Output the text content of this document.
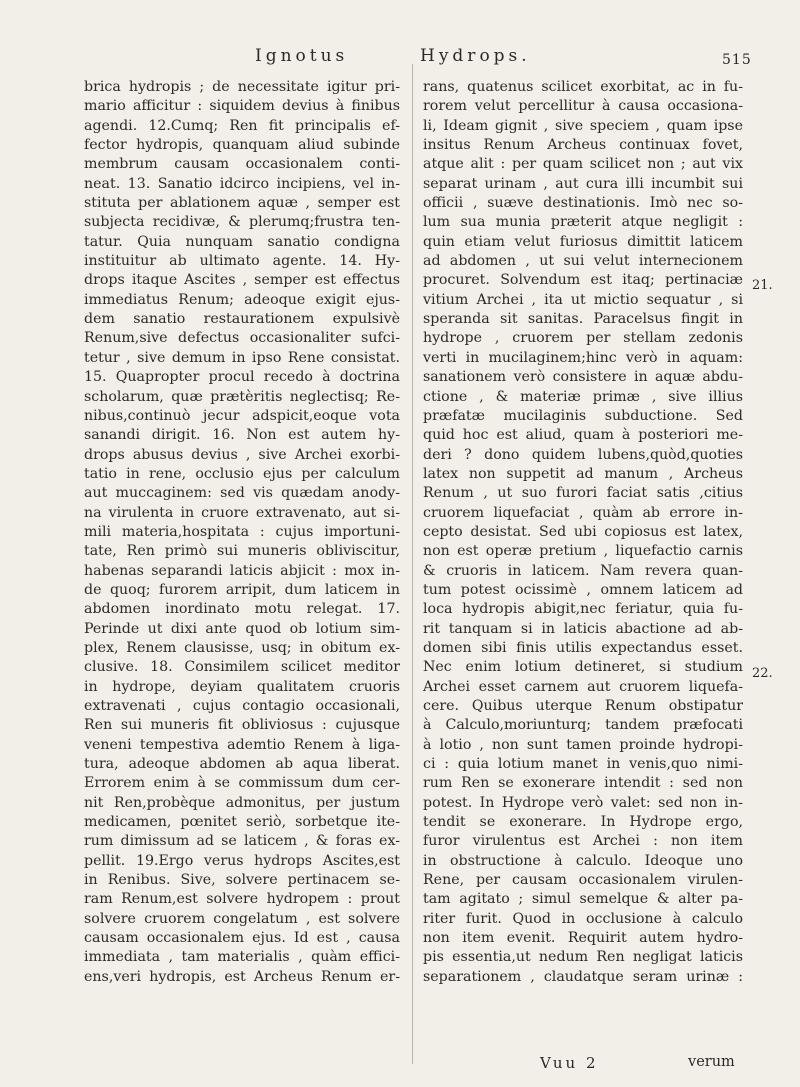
Ignotus	Hydrops.	515
brica hydropis ; de necessitate igitur pri-
mario afficitur : siquidem devius à finibus
agendi. 12.Cumq; Ren fit principalis ef-
fector hydropis, quanquam aliud subinde
membrum causam occasionalem conti-
neat. 13. Sanatio idcirco incipiens, vel in-
stituta per ablationem aquæ , semper est
subjecta recidivæ, & plerumq;frustra ten-
tatur. Quia nunquam sanatio condigna
instituitur ab ultimato agente. 14. Hy-
drops itaque Ascites , semper est effectus
immediatus Renum; adeoque exigit ejus-
dem sanatio restaurationem expulsivè
Renum,sive defectus occasionaliter sufci-
tetur , sive demum in ipso Rene consistat.
15. Quapropter procul recedo à doctrina
scholarum, quæ prætèritis neglectisq; Re-
nibus,continuò jecur adspicit,eoque vota
sanandi dirigit. 16. Non est autem hy-
drops abusus devius , sive Archei exorbi-
tatio in rene, occlusio ejus per calculum
aut muccaginem: sed vis quædam anody-
na virulenta in cruore extravenato, aut si-
mili materia,hospitata : cujus importuni-
tate, Ren primò sui muneris obliviscitur,
habenas separandi laticis abjicit : mox in-
de quoq; furorem arripit, dum laticem in
abdomen inordinato motu relegat. 17.
Perinde ut dixi ante quod ob lotium sim-
plex, Renem clausisse, usq; in obitum ex-
clusive. 18. Consimilem scilicet meditor
in hydrope, deyiam qualitatem cruoris
extravenati , cujus contagio occasionali,
Ren sui muneris fit obliviosus : cujusque
veneni tempestiva ademtio Renem à liga-
tura, adeoque abdomen ab aqua liberat.
Errorem enim à se commissum dum cer-
nit Ren,probèque admonitus, per justum
medicamen, pœnitet seriò, sorbetque ite-
rum dimissum ad se laticem , & foras ex-
pellit. 19.Ergo verus hydrops Ascites,est
in Renibus. Sive, solvere pertinacem se-
ram Renum,est solvere hydropem : prout
solvere cruorem congelatum , est solvere
causam occasionalem ejus. Id est , causa
immediata , tam materialis , quàm effici-
ens,veri hydropis, est Archeus Renum er-
rans, quatenus scilicet exorbitat, ac in fu-
rorem velut percellitur à causa occasiona-
li, Ideam gignit , sive speciem , quam ipse
insitus Renum Archeus continuax fovet,
atque alit : per quam scilicet non ; aut vix
separat urinam , aut cura illi incumbit sui
officii , suæve destinationis. Imò nec so-
lum sua munia præterit atque negligit :
quin etiam velut furiosus dimittit laticem
ad abdomen , ut sui velut internecionem
procuret. Solvendum est itaq; pertinaciæ
vitium Archei , ita ut mictio sequatur , si
speranda sit sanitas. Paracelsus fingit in
hydrope , cruorem per stellam zedonis
verti in mucilaginem;hinc verò in aquam:
sanationem verò consistere in aquæ abdu-
ctione , & materiæ primæ , sive illius
præfatæ mucilaginis subductione. Sed
quid hoc est aliud, quam à posteriori me-
deri ? dono quidem lubens,quòd,quoties
latex non suppetit ad manum , Archeus
Renum , ut suo furori faciat satis ,citius
cruorem liquefaciat , quàm ab errore in-
cepto desistat. Sed ubi copiosus est latex,
non est operæ pretium , liquefactio carnis
& cruoris in laticem. Nam revera quan-
tum potest ocissimè , omnem laticem ad
loca hydropis abigit,nec feriatur, quia fu-
rit tanquam si in laticis abactione ad ab-
domen sibi finis utilis expectandus esset.
Nec enim lotium detineret, si studium
Archei esset carnem aut cruorem liquefa-
cere. Quibus uterque Renum obstipatur
à Calculo,moriunturq; tandem præfocati
à lotio , non sunt tamen proinde hydropi-
ci : quia lotium manet in venis,quo nimi-
rum Ren se exonerare intendit : sed non
potest. In Hydrope verò valet: sed non in-
tendit se exonerare. In Hydrope ergo,
furor virulentus est Archei : non item
in obstructione à calculo. Ideoque uno
Rene, per causam occasionalem virulen-
tam agitato ; simul semelque & alter pa-
riter furit. Quod in occlusione à calculo
non item evenit. Requirit autem hydro-
pis essentia,ut nedum Ren negligat laticis
separationem , claudatque seram urinæ :
21.
22.
Vuu 2	verum
